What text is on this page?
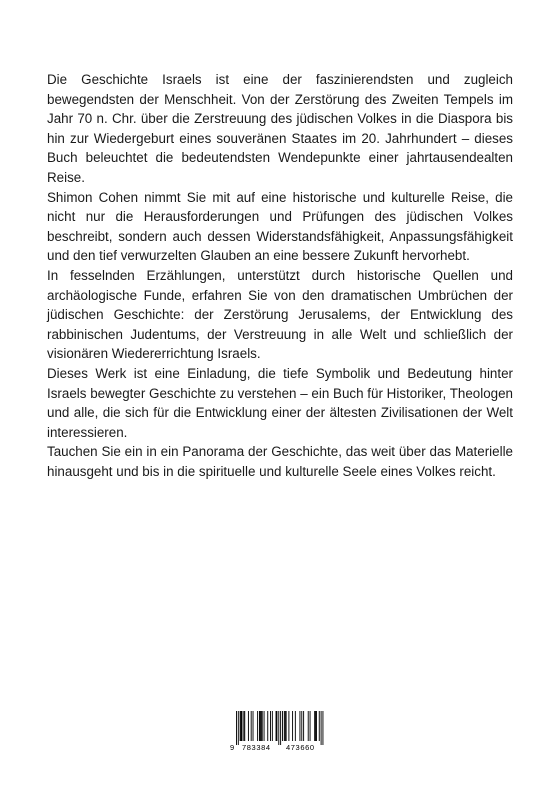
Die Geschichte Israels ist eine der faszinierendsten und zugleich bewegendsten der Menschheit. Von der Zerstörung des Zweiten Tempels im Jahr 70 n. Chr. über die Zerstreuung des jüdischen Volkes in die Diaspora bis hin zur Wiedergeburt eines souveränen Staates im 20. Jahrhundert – dieses Buch beleuchtet die bedeutendsten Wendepunkte einer jahrtausendealten Reise.

Shimon Cohen nimmt Sie mit auf eine historische und kulturelle Reise, die nicht nur die Herausforderungen und Prüfungen des jüdischen Volkes beschreibt, sondern auch dessen Widerstandsfähigkeit, Anpassungsfähigkeit und den tief verwurzelten Glauben an eine bessere Zukunft hervorhebt.

In fesselnden Erzählungen, unterstützt durch historische Quellen und archäologische Funde, erfahren Sie von den dramatischen Umbrüchen der jüdischen Geschichte: der Zerstörung Jerusalems, der Entwicklung des rabbinischen Judentums, der Verstreuung in alle Welt und schließlich der visionären Wiedererrichtung Israels.

Dieses Werk ist eine Einladung, die tiefe Symbolik und Bedeutung hinter Israels bewegter Geschichte zu verstehen – ein Buch für Historiker, Theologen und alle, die sich für die Entwicklung einer der ältesten Zivilisationen der Welt interessieren.

Tauchen Sie ein in ein Panorama der Geschichte, das weit über das Materielle hinausgeht und bis in die spirituelle und kulturelle Seele eines Volkes reicht.

9 783384 473660
